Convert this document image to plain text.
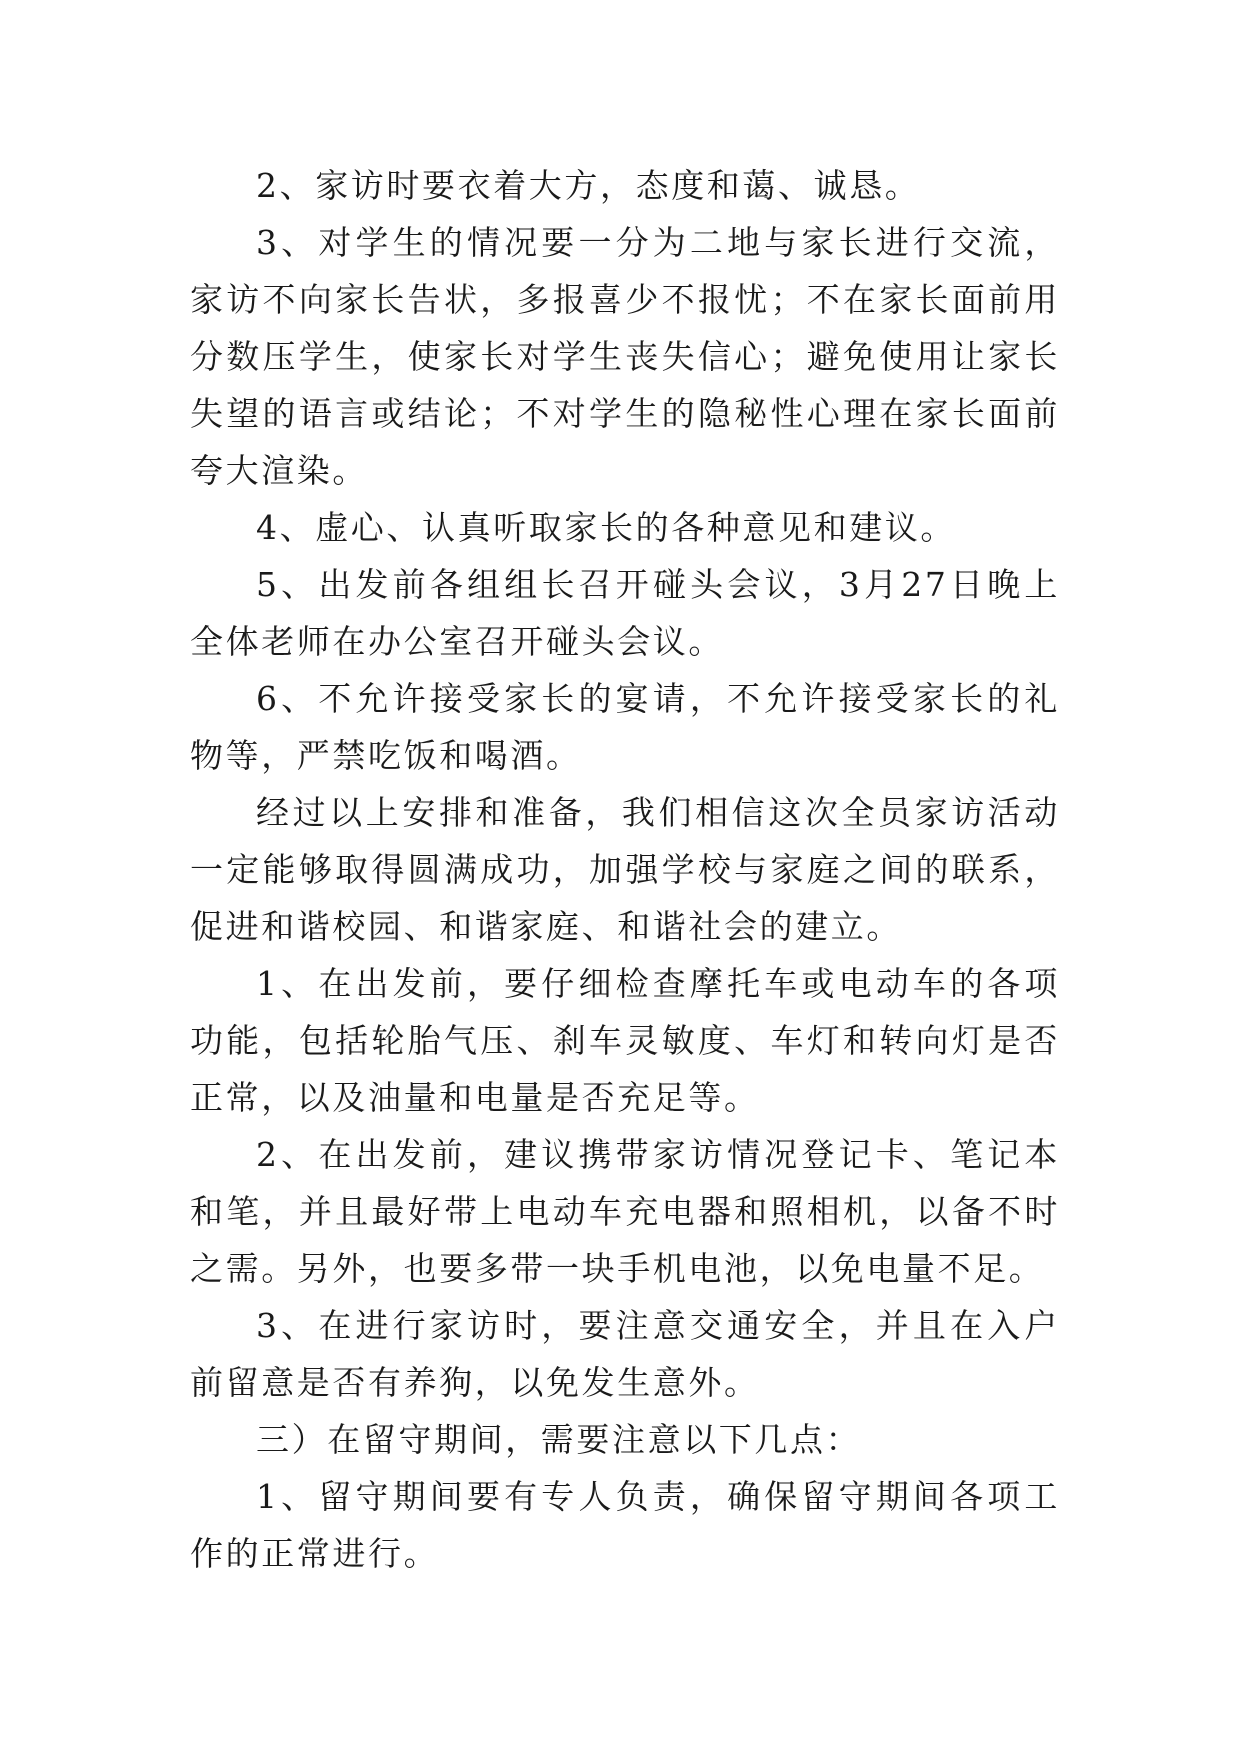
2、家访时要衣着大方，态度和蔼、诚恳。

3、对学生的情况要一分为二地与家长进行交流，家访不向家长告状，多报喜少不报忧；不在家长面前用分数压学生，使家长对学生丧失信心；避免使用让家长失望的语言或结论；不对学生的隐秘性心理在家长面前夸大渲染。

4、虚心、认真听取家长的各种意见和建议。

5、出发前各组组长召开碰头会议，3月27日晚上全体老师在办公室召开碰头会议。

6、不允许接受家长的宴请，不允许接受家长的礼物等，严禁吃饭和喝酒。

经过以上安排和准备，我们相信这次全员家访活动一定能够取得圆满成功，加强学校与家庭之间的联系，促进和谐校园、和谐家庭、和谐社会的建立。

1、在出发前，要仔细检查摩托车或电动车的各项功能，包括轮胎气压、刹车灵敏度、车灯和转向灯是否正常，以及油量和电量是否充足等。

2、在出发前，建议携带家访情况登记卡、笔记本和笔，并且最好带上电动车充电器和照相机，以备不时之需。另外，也要多带一块手机电池，以免电量不足。

3、在进行家访时，要注意交通安全，并且在入户前留意是否有养狗，以免发生意外。

三）在留守期间，需要注意以下几点：

1、留守期间要有专人负责，确保留守期间各项工作的正常进行。
